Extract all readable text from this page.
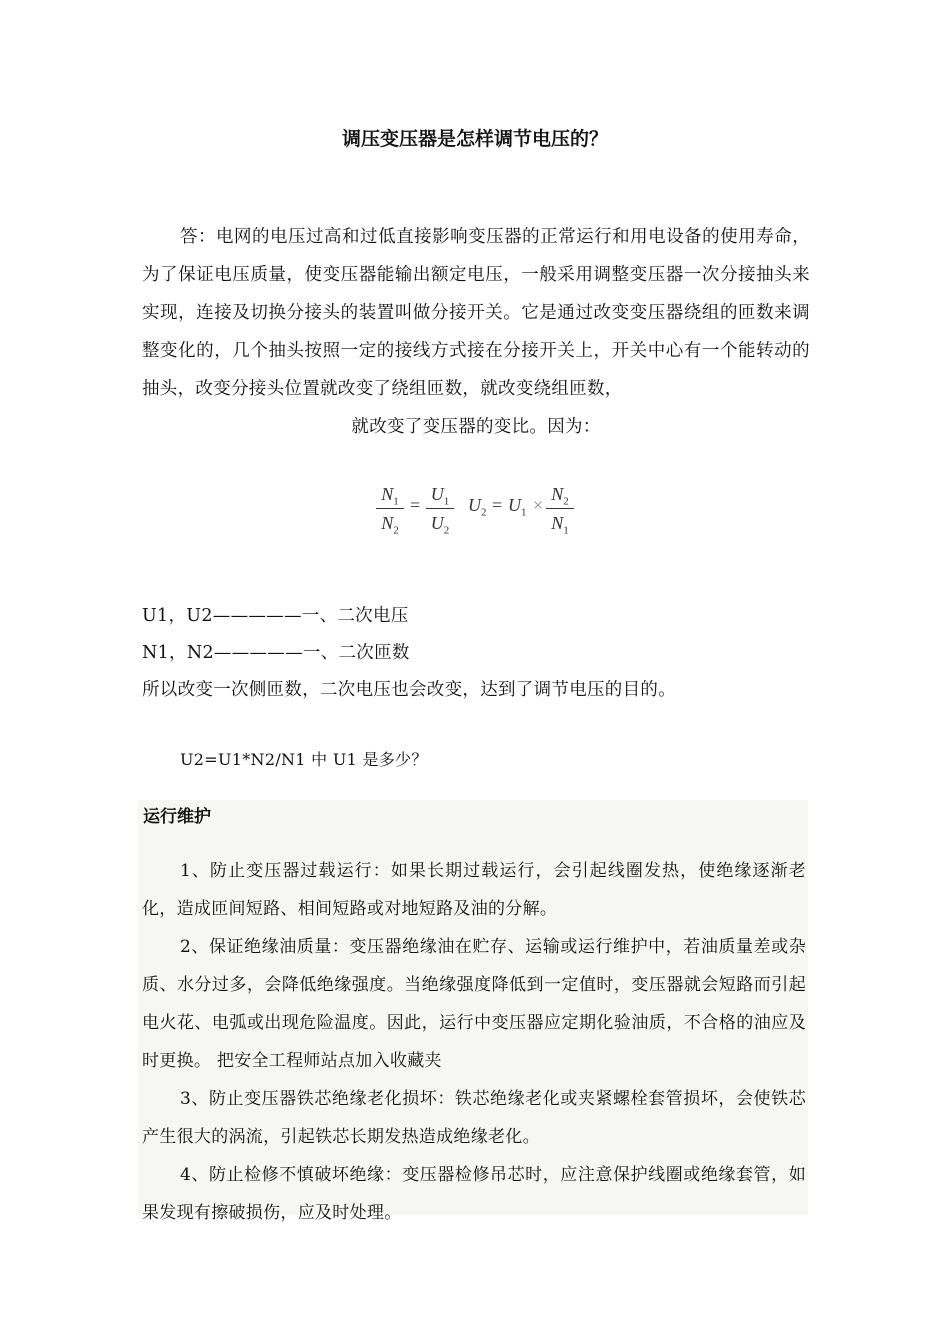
调压变压器是怎样调节电压的？
答：电网的电压过高和过低直接影响变压器的正常运行和用电设备的使用寿命，为了保证电压质量，使变压器能输出额定电压，一般采用调整变压器一次分接抽头来实现，连接及切换分接头的装置叫做分接开关。它是通过改变变压器绕组的匝数来调整变化的，几个抽头按照一定的接线方式接在分接开关上，开关中心有一个能转动的抽头，改变分接头位置就改变了绕组匝数，就改变绕组匝数，
就改变了变压器的变比。因为：
$N_1$
$N_2$
=
$U_1$
$U_2$
$U_2 = U_1$ ×
$N_2$
$N_1$
U1，U2—————一、二次电压
N1，N2—————一、二次匝数
所以改变一次侧匝数，二次电压也会改变，达到了调节电压的目的。
U2=U1*N2/N1 中 U1 是多少？
运行维护

1、防止变压器过载运行：如果长期过载运行，会引起线圈发热，使绝缘逐渐老化，造成匝间短路、相间短路或对地短路及油的分解。

2、保证绝缘油质量：变压器绝缘油在贮存、运输或运行维护中，若油质量差或杂质、水分过多，会降低绝缘强度。当绝缘强度降低到一定值时，变压器就会短路而引起电火花、电弧或出现危险温度。因此，运行中变压器应定期化验油质，不合格的油应及时更换。 把安全工程师站点加入收藏夹

3、防止变压器铁芯绝缘老化损坏：铁芯绝缘老化或夹紧螺栓套管损坏，会使铁芯产生很大的涡流，引起铁芯长期发热造成绝缘老化。

4、防止检修不慎破坏绝缘：变压器检修吊芯时，应注意保护线圈或绝缘套管，如果发现有擦破损伤，应及时处理。
